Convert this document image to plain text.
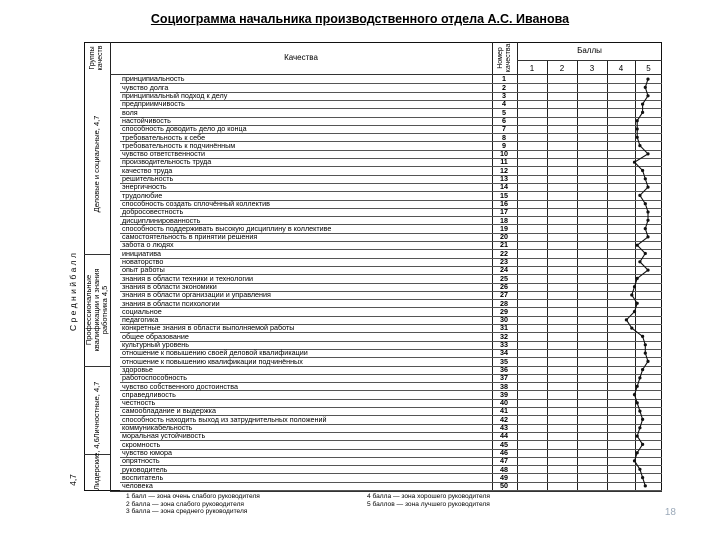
Социограмма начальника производственного отдела А.С. Иванова
С р е д н и й б а л л
4,7
Группы качеств	Качества	Номер качества	Баллы
1	2	3	4	5
Деловые и социальные, 4,7
Профессиональные квалификации и знания работника 4,5
Личностные, 4,7
Лидерские, 4,6
принципиальность	1
чувство долга	2
принципиальный подход к делу	3
предприимчивость	4
воля	5
настойчивость	6
способность доводить дело до конца	7
требовательность к себе	8
требовательность к подчинённым	9
чувство ответственности	10
производительность труда	11
качество труда	12
решительность	13
энергичность	14
трудолюбие	15
способность создать сплочённый коллектив	16
добросовестность	17
дисциплинированность	18
способность поддерживать высокую дисциплину в коллективе	19
самостоятельность в принятии решения	20
забота о людях	21
инициатива	22
новаторство	23
опыт работы	24
знания в области техники и технологии	25
знания в области экономики	26
знания в области организации и управления	27
знания в области психологии	28
социальное	29
педагогика	30
конкретные знания в области выполняемой работы	31
общее образование	32
культурный уровень	33
отношение к повышению своей деловой квалификации	34
отношение к повышению квалификации подчинённых	35
здоровье	36
работоспособность	37
чувство собственного достоинства	38
справедливость	39
честность	40
самообладание и выдержка	41
способность находить выход из затруднительных положений	42
коммуникабельность	43
моральная устойчивость	44
скромность	45
чувство юмора	46
опрятность	47
руководитель	48
воспитатель	49
человека	50
1 балл — зона очень слабого руководителя
2 балла — зона слабого руководителя
3 балла — зона среднего руководителя
4 балла — зона хорошего руководителя
5 баллов — зона лучшего руководителя
18
